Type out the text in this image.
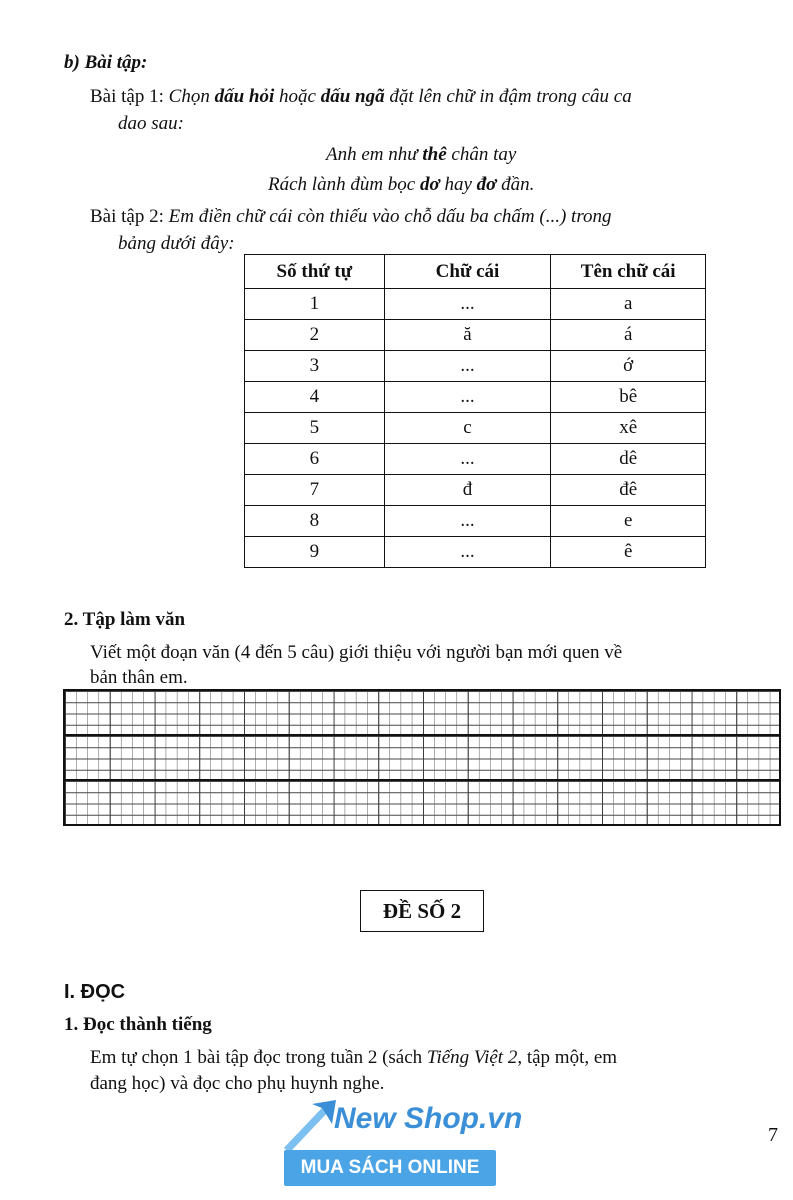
b) Bài tập:
Bài tập 1: Chọn dấu hỏi hoặc dấu ngã đặt lên chữ in đậm trong câu ca
dao sau:
Anh em như thê chân tay
Rách lành đùm bọc dơ hay đơ đần.
Bài tập 2: Em điền chữ cái còn thiếu vào chỗ dấu ba chấm (...) trong
bảng dưới đây:
Số thứ tự	Chữ cái	Tên chữ cái
1	...	a
2	ă	á
3	...	ớ
4	...	bê
5	c	xê
6	...	dê
7	đ	đê
8	...	e
9	...	ê
2. Tập làm văn
Viết một đoạn văn (4 đến 5 câu) giới thiệu với người bạn mới quen về
bản thân em.
ĐỀ SỐ 2
I. ĐỌC
1. Đọc thành tiếng
Em tự chọn 1 bài tập đọc trong tuần 2 (sách Tiếng Việt 2, tập một, em
đang học) và đọc cho phụ huynh nghe.
7
New Shop.vn
MUA SÁCH ONLINE
